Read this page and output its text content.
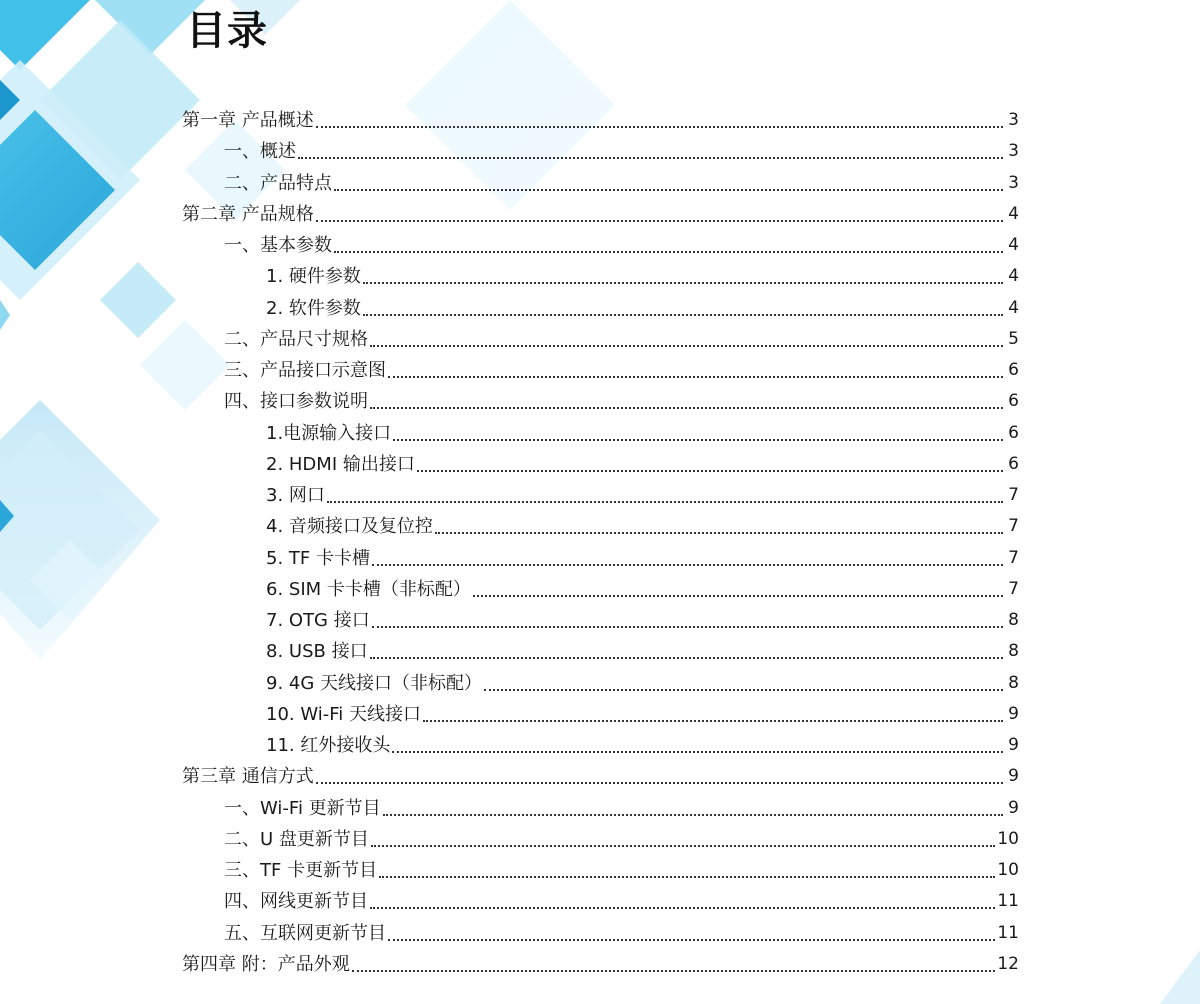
目录
第一章 产品概述	3
一、概述	3
二、产品特点	3
第二章 产品规格	4
一、基本参数	4
1. 硬件参数	4
2. 软件参数	4
二、产品尺寸规格	5
三、产品接口示意图	6
四、接口参数说明	6
1.电源输入接口	6
2. HDMI 输出接口	6
3. 网口	7
4. 音频接口及复位控	7
5. TF 卡卡槽	7
6. SIM 卡卡槽（非标配）	7
7. OTG 接口	8
8. USB 接口	8
9. 4G 天线接口（非标配）	8
10. Wi-Fi 天线接口	9
11. 红外接收头	9
第三章 通信方式	9
一、Wi-Fi 更新节目	9
二、U 盘更新节目	10
三、TF 卡更新节目	10
四、网线更新节目	11
五、互联网更新节目	11
第四章 附：产品外观	12
